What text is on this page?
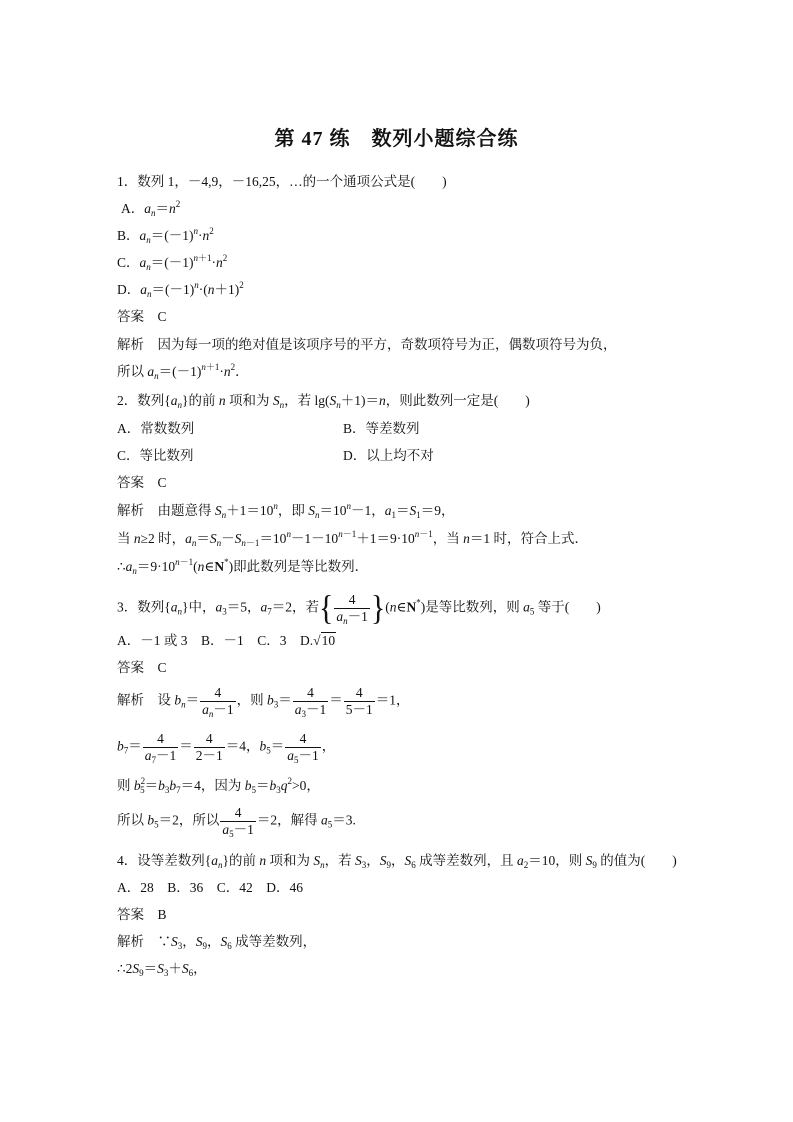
第 47 练　数列小题综合练
1．数列 1，－4,9，－16,25，…的一个通项公式是(　　)
A．$a_n=n^2$
B．$a_n=(-1)^n\cdot n^2$
C．$a_n=(-1)^{n+1}\cdot n^2$
D．$a_n=(-1)^n\cdot(n+1)^2$
答案　 C
解析　 因为每一项的绝对值是该项序号的平方，奇数项符号为正，偶数项符号为负，
所以 $a_n=(-1)^{n+1}\cdot n^2$．
2．数列$\{a_n\}$的前 n 项和为 $S_n$，若 $\lg(S_n+1)=n$，则此数列一定是(　　)
A．常数数列	B．等差数列
C．等比数列	D．以上均不对
答案　 C
解析　由题意得 $S_n+1=10^n$，即 $S_n=10^n-1$，$a_1=S_1=9$，
当 n≥2 时，$a_n=S_n-S_{n-1}=10^n-1-10^{n-1}+1=9\cdot 10^{n-1}$，当 n＝1 时，符合上式．
$\therefore a_n=9\cdot 10^{n-1}(n\in N^*)$即此数列是等比数列．
3．数列$\{a_n\}$中，$a_3=5$，$a_7=2$，若{ $\frac{4}{a_n-1}$ }(n∈N*)是等比数列，则 $a_5$ 等于(　　)
A．－1 或 3　B．－1　C．3　D.√10
答案　 C
解析　设 $b_n= \frac{4}{a_n-1}$ ，则 $b_3= \frac{4}{a_3-1} = \frac{4}{5-1} =1$，
$b_7= \frac{4}{a_7-1} = \frac{4}{2-1} =4$，$b_5= \frac{4}{a_5-1}$ ，
则 $b^2_5=b_3b_7=4$，因为 $b_5=b_3q^2>0$，
所以 $b_5=2$，所以 $\frac{4}{a_5-1} =2$，解得 $a_5=3$.
4．设等差数列$\{a_n\}$的前 n 项和为 $S_n$，若 $S_3$，$S_9$，$S_6$ 成等差数列，且 $a_2=10$，则 $S_9$ 的值为(　　)
A．28　B．36　C．42　D．46
答案　 B
解析　$\because S_3$，$S_9$，$S_6$ 成等差数列，
$\therefore 2S_9=S_3+S_6$，
